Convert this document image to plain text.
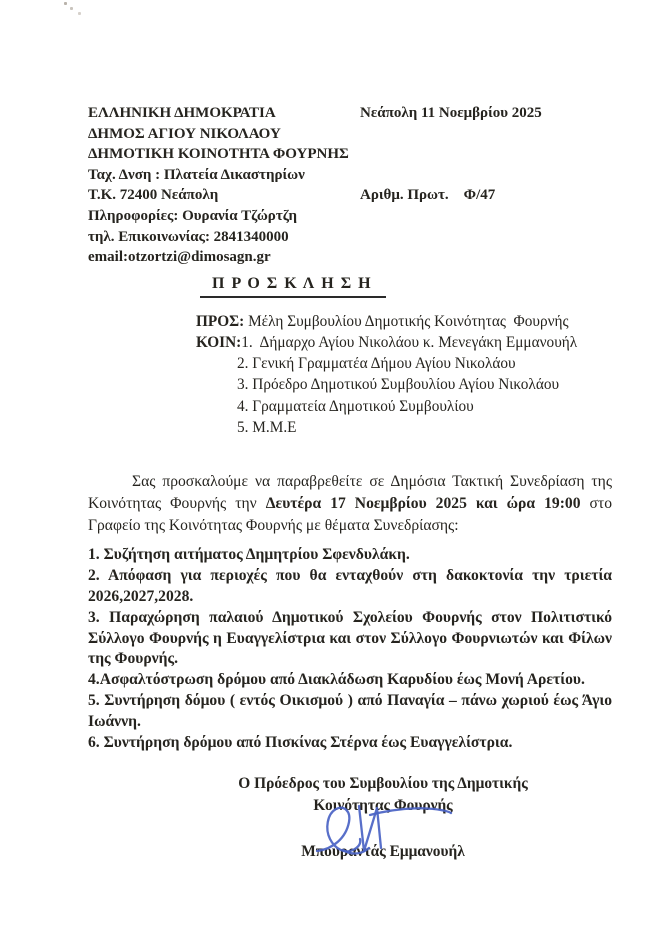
ΕΛΛΗΝΙΚΗ ΔΗΜΟΚΡΑΤΙΑ
ΔΗΜΟΣ ΑΓΙΟΥ ΝΙΚΟΛΑΟΥ
ΔΗΜΟΤΙΚΗ ΚΟΙΝΟΤΗΤΑ ΦΟΥΡΝΗΣ
Ταχ. Δνση : Πλατεία Δικαστηρίων
Τ.Κ. 72400 Νεάπολη
Πληροφορίες: Ουρανία Τζώρτζη
τηλ. Επικοινωνίας: 2841340000
email:otzortzi@dimosagn.gr
Νεάπολη 11 Νοεμβρίου 2025
Αριθμ. Πρωτ.    Φ/47
Π Ρ Ο Σ Κ Λ Η Σ Η
ΠΡΟΣ: Μέλη Συμβουλίου Δημοτικής Κοινότητας  Φουρνής
ΚΟΙΝ:1.  Δήμαρχο Αγίου Νικολάου κ. Μενεγάκη Εμμανουήλ
2. Γενική Γραμματέα Δήμου Αγίου Νικολάου
3. Πρόεδρο Δημοτικού Συμβουλίου Αγίου Νικολάου
4. Γραμματεία Δημοτικού Συμβουλίου
5. Μ.Μ.Ε

Σας προσκαλούμε να παραβρεθείτε σε Δημόσια Τακτική Συνεδρίαση της Κοινότητας Φουρνής την Δευτέρα 17 Νοεμβρίου 2025 και ώρα 19:00 στο Γραφείο της Κοινότητας Φουρνής με θέματα Συνεδρίασης:

1. Συζήτηση αιτήματος Δημητρίου Σφενδυλάκη.
2. Απόφαση για περιοχές που θα ενταχθούν στη δακοκτονία την τριετία 2026,2027,2028.
3. Παραχώρηση παλαιού Δημοτικού Σχολείου Φουρνής στον Πολιτιστικό Σύλλογο Φουρνής η Ευαγγελίστρια και στον Σύλλογο Φουρνιωτών και Φίλων της Φουρνής.
4.Ασφαλτόστρωση δρόμου από Διακλάδωση Καρυδίου έως Μονή Αρετίου.
5. Συντήρηση δόμου ( εντός Οικισμού ) από Παναγία – πάνω χωριού έως Άγιο Ιωάννη.
6. Συντήρηση δρόμου από Πισκίνας Στέρνα έως Ευαγγελίστρια.
Ο Πρόεδρος του Συμβουλίου της Δημοτικής
Κοινότητας Φουρνής
Μπουραντάς Εμμανουήλ
